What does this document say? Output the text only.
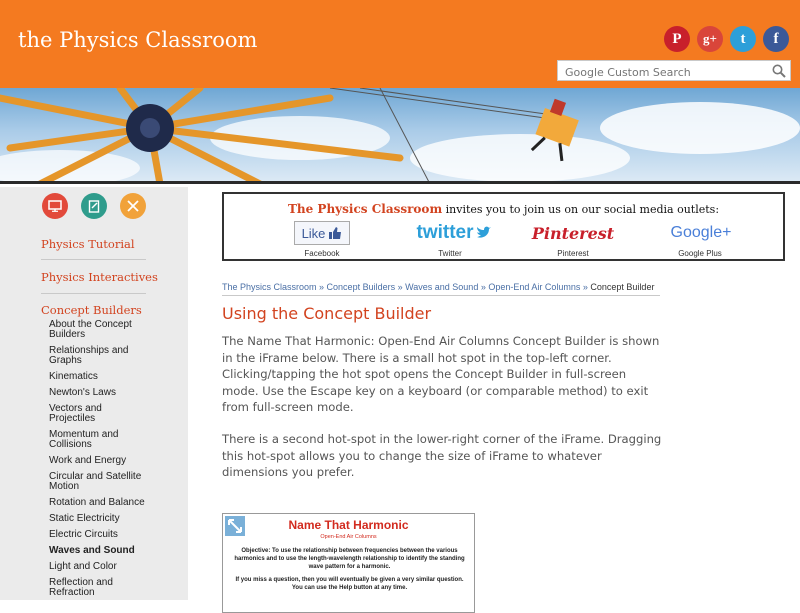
the Physics Classroom	P g+ t f
Google Custom Search
Physics Tutorial
Physics Interactives
Concept Builders
About the Concept Builders
Relationships and Graphs
Kinematics
Newton's Laws
Vectors and Projectiles
Momentum and Collisions
Work and Energy
Circular and Satellite Motion
Rotation and Balance
Static Electricity
Electric Circuits
Waves and Sound
Light and Color
Reflection and Refraction
The Physics Classroom invites you to join us on our social media outlets:
Like
Facebook
twitter
Twitter
Pinterest
Pinterest
Google+
Google Plus
The Physics Classroom » Concept Builders » Waves and Sound » Open-End Air Columns » Concept Builder
Using the Concept Builder
The Name That Harmonic: Open-End Air Columns Concept Builder is shown in the iFrame below. There is a small hot spot in the top-left corner. Clicking/tapping the hot spot opens the Concept Builder in full-screen mode. Use the Escape key on a keyboard (or comparable method) to exit from full-screen mode.
There is a second hot-spot in the lower-right corner of the iFrame. Dragging this hot-spot allows you to change the size of iFrame to whatever dimensions you prefer.
Name That Harmonic
Open-End Air Columns
Objective: To use the relationship between frequencies between the various harmonics and to use the length-wavelength relationship to identify the standing wave pattern for a harmonic.
If you miss a question, then you will eventually be given a very similar question. You can use the Help button at any time.
